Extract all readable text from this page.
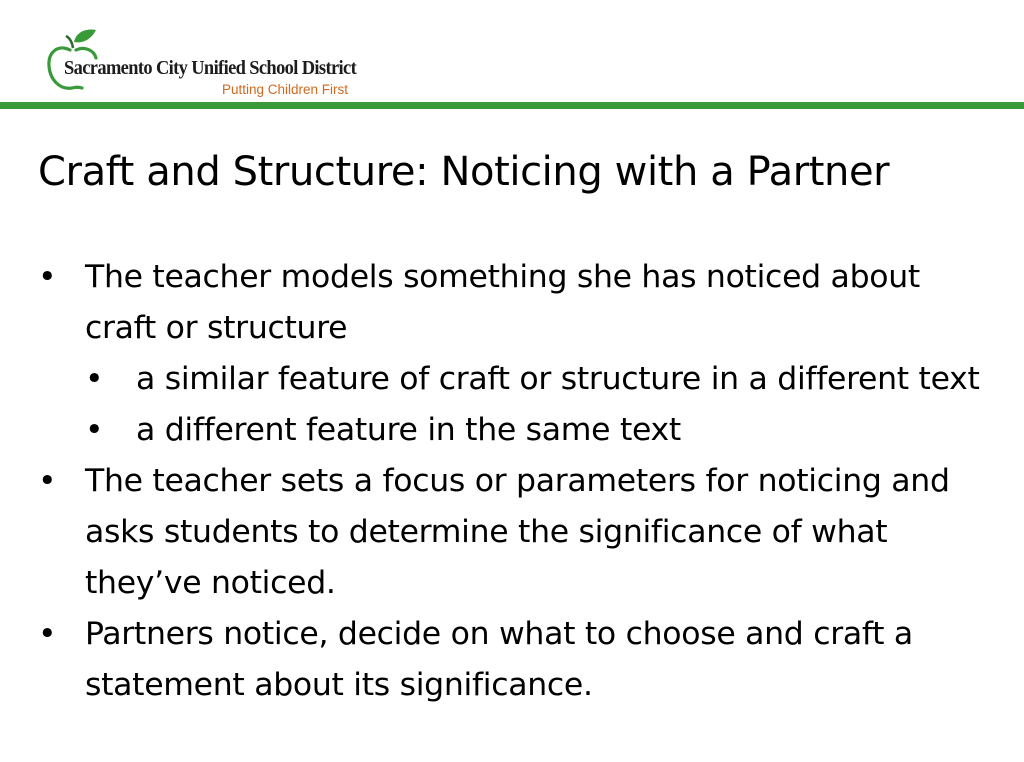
Sacramento City Unified School District
Putting Children First
Craft and Structure: Noticing with a Partner
• The teacher models something she has noticed about craft or structure
• a similar feature of craft or structure in a different text
• a different feature in the same text
• The teacher sets a focus or parameters for noticing and asks students to determine the significance of what they’ve noticed.
• Partners notice, decide on what to choose and craft a statement about its significance.
